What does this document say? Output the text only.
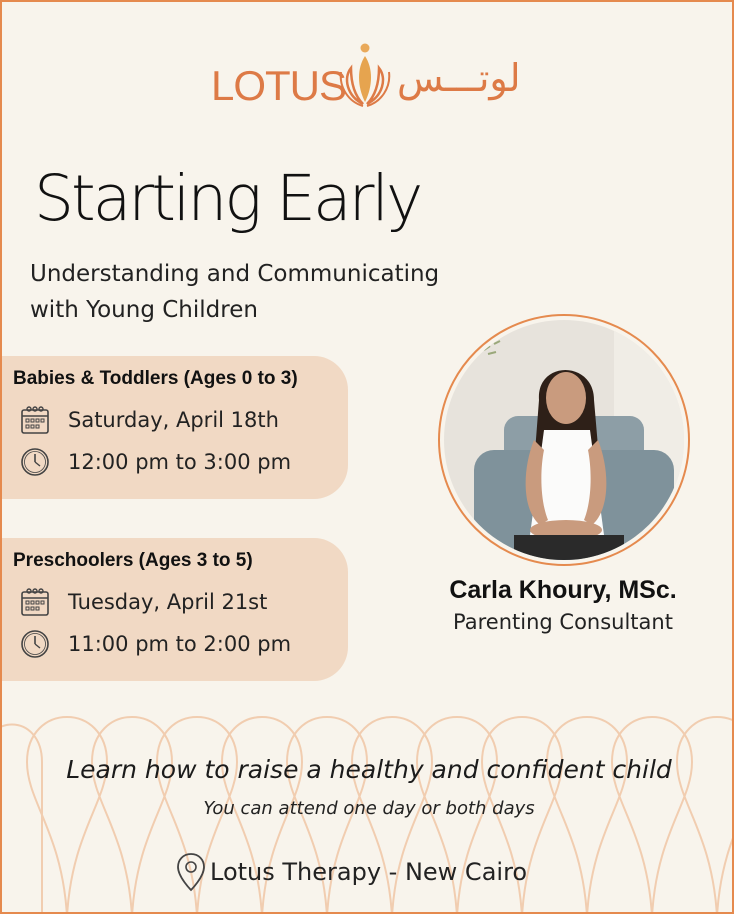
LOTUS لوتـــس
Starting Early
Understanding and Communicating
with Young Children
Babies & Toddlers (Ages 0 to 3)
Saturday, April 18th
12:00 pm to 3:00 pm
Preschoolers (Ages 3 to 5)
Tuesday, April 21st
11:00 pm to 2:00 pm
Carla Khoury, MSc.
Parenting Consultant
Learn how to raise a healthy and confident child
You can attend one day or both days
Lotus Therapy - New Cairo
